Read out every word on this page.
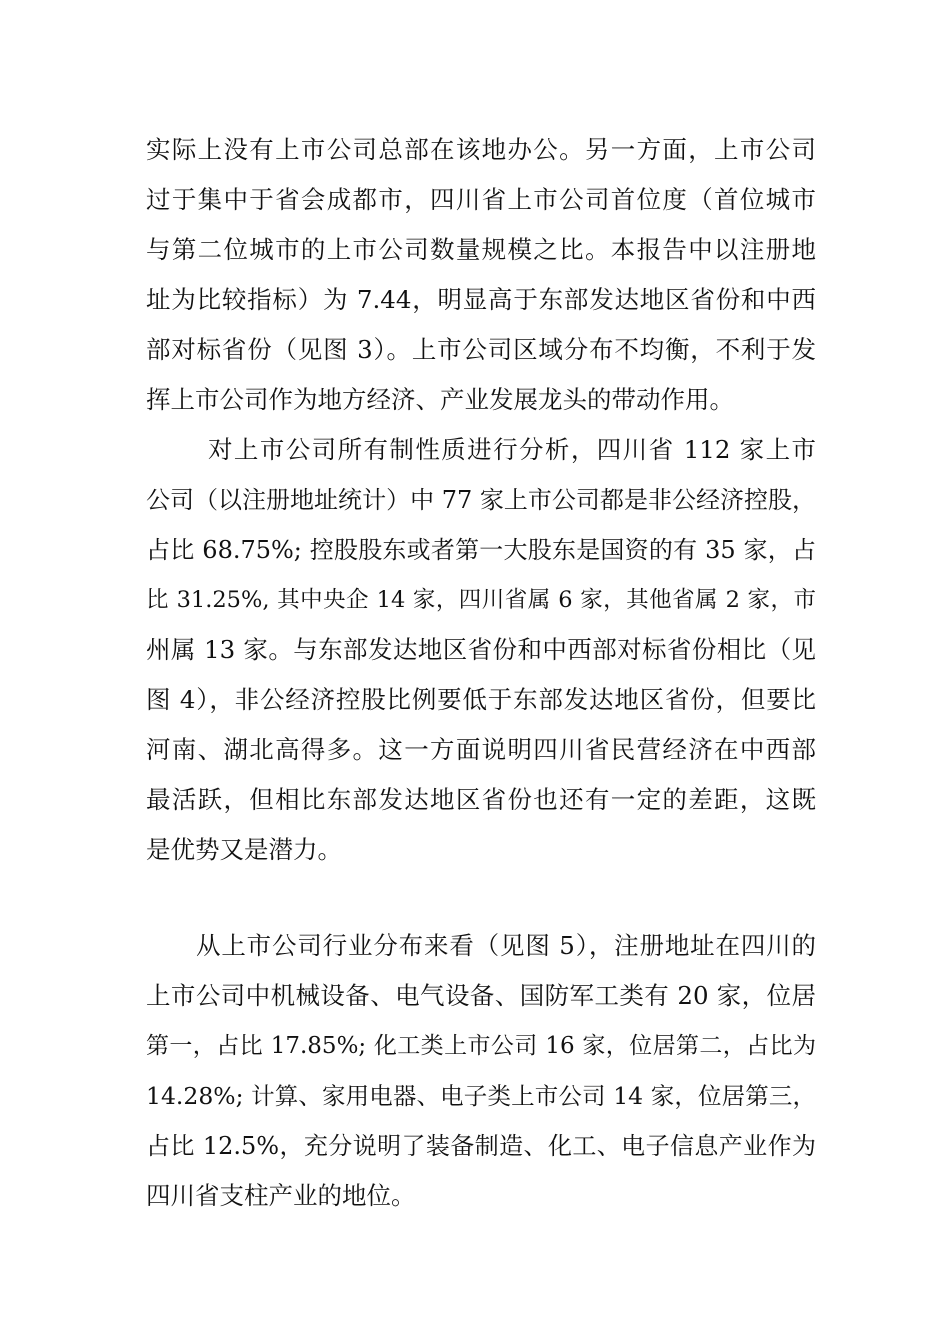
实际上没有上市公司总部在该地办公。另一方面，上市公司
过于集中于省会成都市，四川省上市公司首位度（首位城市
与第二位城市的上市公司数量规模之比。本报告中以注册地
址为比较指标）为 7.44，明显高于东部发达地区省份和中西
部对标省份（见图 3）。上市公司区域分布不均衡，不利于发
挥上市公司作为地方经济、产业发展龙头的带动作用。
对上市公司所有制性质进行分析，四川省 112 家上市
公司（以注册地址统计）中 77 家上市公司都是非公经济控股，
占比 68.75%; 控股股东或者第一大股东是国资的有 35 家，占
比 31.25%, 其中央企 14 家，四川省属 6 家，其他省属 2 家，市
州属 13 家。与东部发达地区省份和中西部对标省份相比（见
图 4），非公经济控股比例要低于东部发达地区省份，但要比
河南、湖北高得多。这一方面说明四川省民营经济在中西部
最活跃，但相比东部发达地区省份也还有一定的差距，这既
是优势又是潜力。
从上市公司行业分布来看（见图 5），注册地址在四川的
上市公司中机械设备、电气设备、国防军工类有 20 家，位居
第一，占比 17.85%; 化工类上市公司 16 家，位居第二，占比为
14.28%; 计算、家用电器、电子类上市公司 14 家，位居第三，
占比 12.5%，充分说明了装备制造、化工、电子信息产业作为
四川省支柱产业的地位。
